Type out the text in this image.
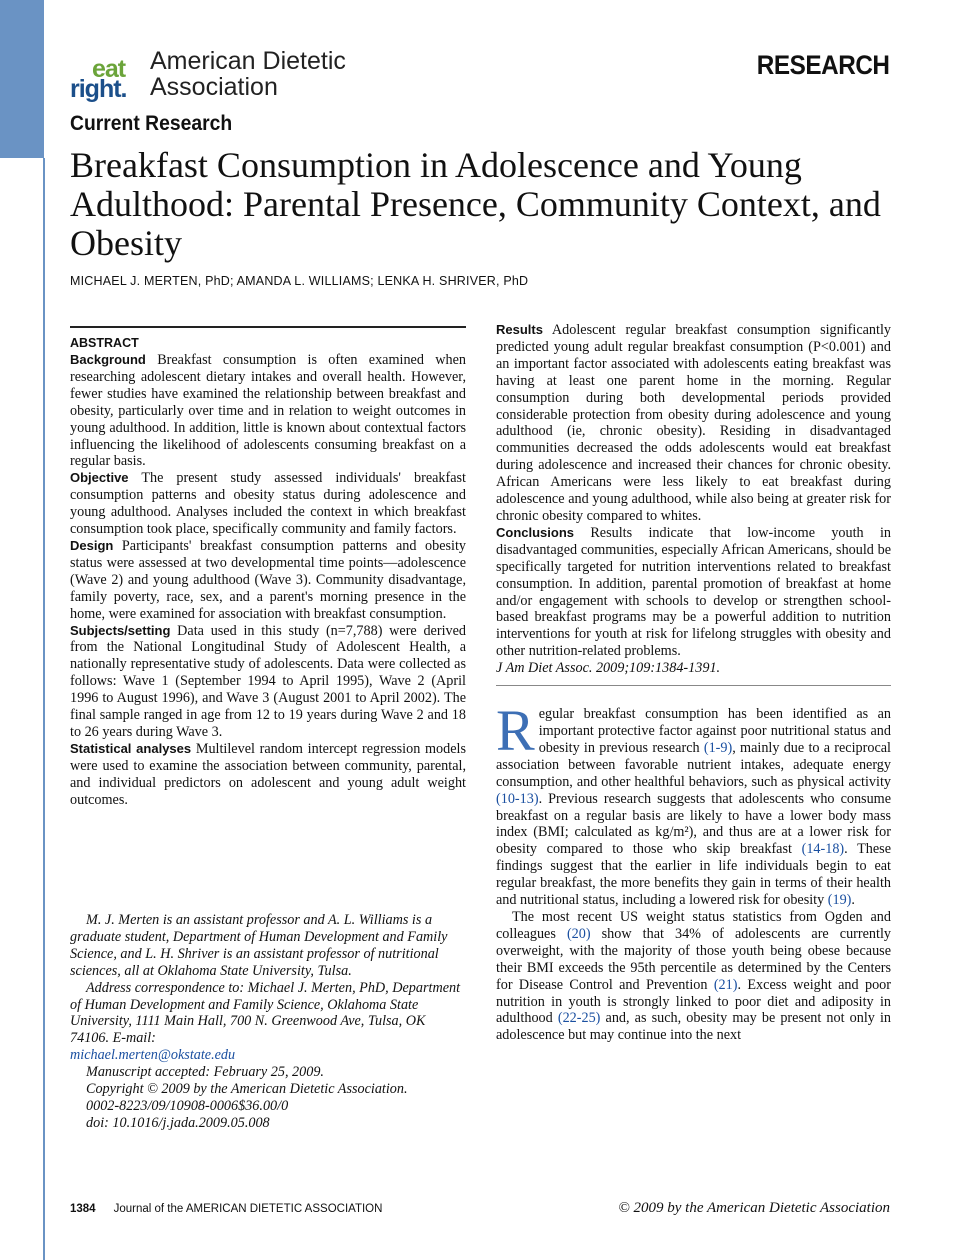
eat
right.
American Dietetic
Association
RESEARCH
Current Research
Breakfast Consumption in Adolescence and Young Adulthood: Parental Presence, Community Context, and Obesity
MICHAEL J. MERTEN, PhD; AMANDA L. WILLIAMS; LENKA H. SHRIVER, PhD
ABSTRACT

Background Breakfast consumption is often examined when researching adolescent dietary intakes and overall health. However, fewer studies have examined the relationship between breakfast and obesity, particularly over time and in relation to weight outcomes in young adulthood. In addition, little is known about contextual factors influencing the likelihood of adolescents consuming breakfast on a regular basis.

Objective The present study assessed individuals' breakfast consumption patterns and obesity status during adolescence and young adulthood. Analyses included the context in which breakfast consumption took place, specifically community and family factors.

Design Participants' breakfast consumption patterns and obesity status were assessed at two developmental time points—adolescence (Wave 2) and young adulthood (Wave 3). Community disadvantage, family poverty, race, sex, and a parent's morning presence in the home, were examined for association with breakfast consumption.

Subjects/setting Data used in this study (n=7,788) were derived from the National Longitudinal Study of Adolescent Health, a nationally representative study of adolescents. Data were collected as follows: Wave 1 (September 1994 to April 1995), Wave 2 (April 1996 to August 1996), and Wave 3 (August 2001 to April 2002). The final sample ranged in age from 12 to 19 years during Wave 2 and 18 to 26 years during Wave 3.

Statistical analyses Multilevel random intercept regression models were used to examine the association between community, parental, and individual predictors on adolescent and young adult weight outcomes.

Results Adolescent regular breakfast consumption significantly predicted young adult regular breakfast consumption (P<0.001) and an important factor associated with adolescents eating breakfast was having at least one parent home in the morning. Regular consumption during both developmental periods provided considerable protection from obesity during adolescence and young adulthood (ie, chronic obesity). Residing in disadvantaged communities decreased the odds adolescents would eat breakfast during adolescence and increased their chances for chronic obesity. African Americans were less likely to eat breakfast during adolescence and young adulthood, while also being at greater risk for chronic obesity compared to whites.

Conclusions Results indicate that low-income youth in disadvantaged communities, especially African Americans, should be specifically targeted for nutrition interventions related to breakfast consumption. In addition, parental promotion of breakfast at home and/or engagement with schools to develop or strengthen school-based breakfast programs may be a powerful addition to nutrition interventions for youth at risk for lifelong struggles with obesity and other nutrition-related problems.

J Am Diet Assoc. 2009;109:1384-1391.

Regular breakfast consumption has been identified as an important protective factor against poor nutritional status and obesity in previous research (1-9), mainly due to a reciprocal association between favorable nutrient intakes, adequate energy consumption, and other healthful behaviors, such as physical activity (10-13). Previous research suggests that adolescents who consume breakfast on a regular basis are likely to have a lower body mass index (BMI; calculated as kg/m²), and thus are at a lower risk for obesity compared to those who skip breakfast (14-18). These findings suggest that the earlier in life individuals begin to eat regular breakfast, the more benefits they gain in terms of their health and nutritional status, including a lowered risk for obesity (19).

The most recent US weight status statistics from Ogden and colleagues (20) show that 34% of adolescents are currently overweight, with the majority of those youth being obese because their BMI exceeds the 95th percentile as determined by the Centers for Disease Control and Prevention (21). Excess weight and poor nutrition in youth is strongly linked to poor diet and adiposity in adulthood (22-25) and, as such, obesity may be present not only in adolescence but may continue into the next

M. J. Merten is an assistant professor and A. L. Williams is a graduate student, Department of Human Development and Family Science, and L. H. Shriver is an assistant professor of nutritional sciences, all at Oklahoma State University, Tulsa.

Address correspondence to: Michael J. Merten, PhD, Department of Human Development and Family Science, Oklahoma State University, 1111 Main Hall, 700 N. Greenwood Ave, Tulsa, OK 74106. E-mail:
michael.merten@okstate.edu

Manuscript accepted: February 25, 2009.

Copyright © 2009 by the American Dietetic Association.

0002-8223/09/10908-0006$36.00/0

doi: 10.1016/j.jada.2009.05.008

1384 Journal of the AMERICAN DIETETIC ASSOCIATION	© 2009 by the American Dietetic Association
